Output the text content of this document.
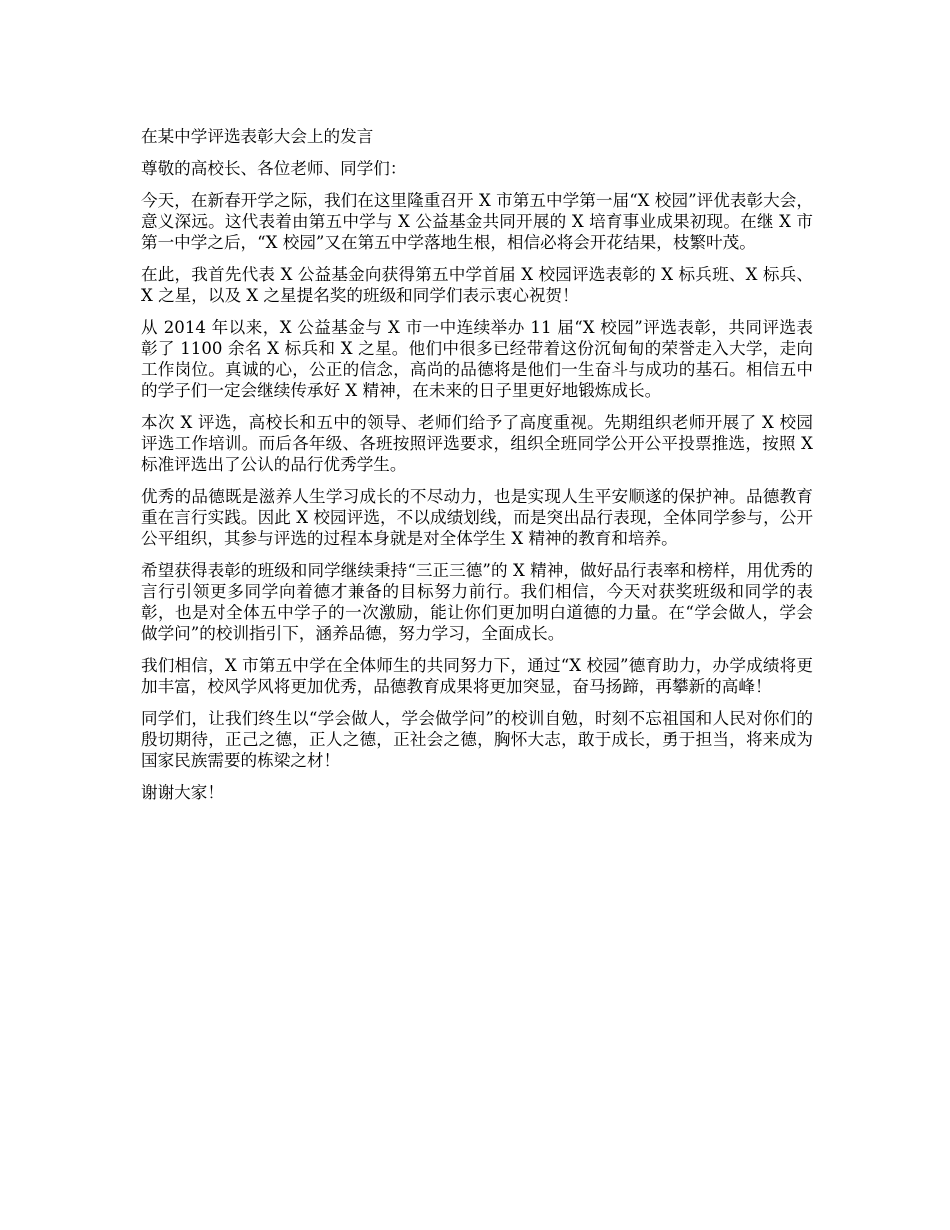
在某中学评选表彰大会上的发言

尊敬的高校长、各位老师、同学们：

今天，在新春开学之际，我们在这里隆重召开 X 市第五中学第一届“X 校园”评优表彰大会，意义深远。这代表着由第五中学与 X 公益基金共同开展的 X 培育事业成果初现。在继 X 市第一中学之后，“X 校园”又在第五中学落地生根，相信必将会开花结果，枝繁叶茂。

在此，我首先代表 X 公益基金向获得第五中学首届 X 校园评选表彰的 X 标兵班、X 标兵、X 之星，以及 X 之星提名奖的班级和同学们表示衷心祝贺！

从 2014 年以来，X 公益基金与 X 市一中连续举办 11 届“X 校园”评选表彰，共同评选表彰了 1100 余名 X 标兵和 X 之星。他们中很多已经带着这份沉甸甸的荣誉走入大学，走向工作岗位。真诚的心，公正的信念，高尚的品德将是他们一生奋斗与成功的基石。相信五中的学子们一定会继续传承好 X 精神，在未来的日子里更好地锻炼成长。

本次 X 评选，高校长和五中的领导、老师们给予了高度重视。先期组织老师开展了 X 校园评选工作培训。而后各年级、各班按照评选要求，组织全班同学公开公平投票推选，按照 X 标准评选出了公认的品行优秀学生。

优秀的品德既是滋养人生学习成长的不尽动力，也是实现人生平安顺遂的保护神。品德教育重在言行实践。因此 X 校园评选，不以成绩划线，而是突出品行表现，全体同学参与，公开公平组织，其参与评选的过程本身就是对全体学生 X 精神的教育和培养。

希望获得表彰的班级和同学继续秉持“三正三德”的 X 精神，做好品行表率和榜样，用优秀的言行引领更多同学向着德才兼备的目标努力前行。我们相信，今天对获奖班级和同学的表彰，也是对全体五中学子的一次激励，能让你们更加明白道德的力量。在“学会做人，学会做学问”的校训指引下，涵养品德，努力学习，全面成长。

我们相信，X 市第五中学在全体师生的共同努力下，通过“X 校园”德育助力，办学成绩将更加丰富，校风学风将更加优秀，品德教育成果将更加突显，奋马扬蹄，再攀新的高峰！

同学们，让我们终生以“学会做人，学会做学问”的校训自勉，时刻不忘祖国和人民对你们的殷切期待，正己之德，正人之德，正社会之德，胸怀大志，敢于成长，勇于担当，将来成为国家民族需要的栋梁之材！

谢谢大家！
